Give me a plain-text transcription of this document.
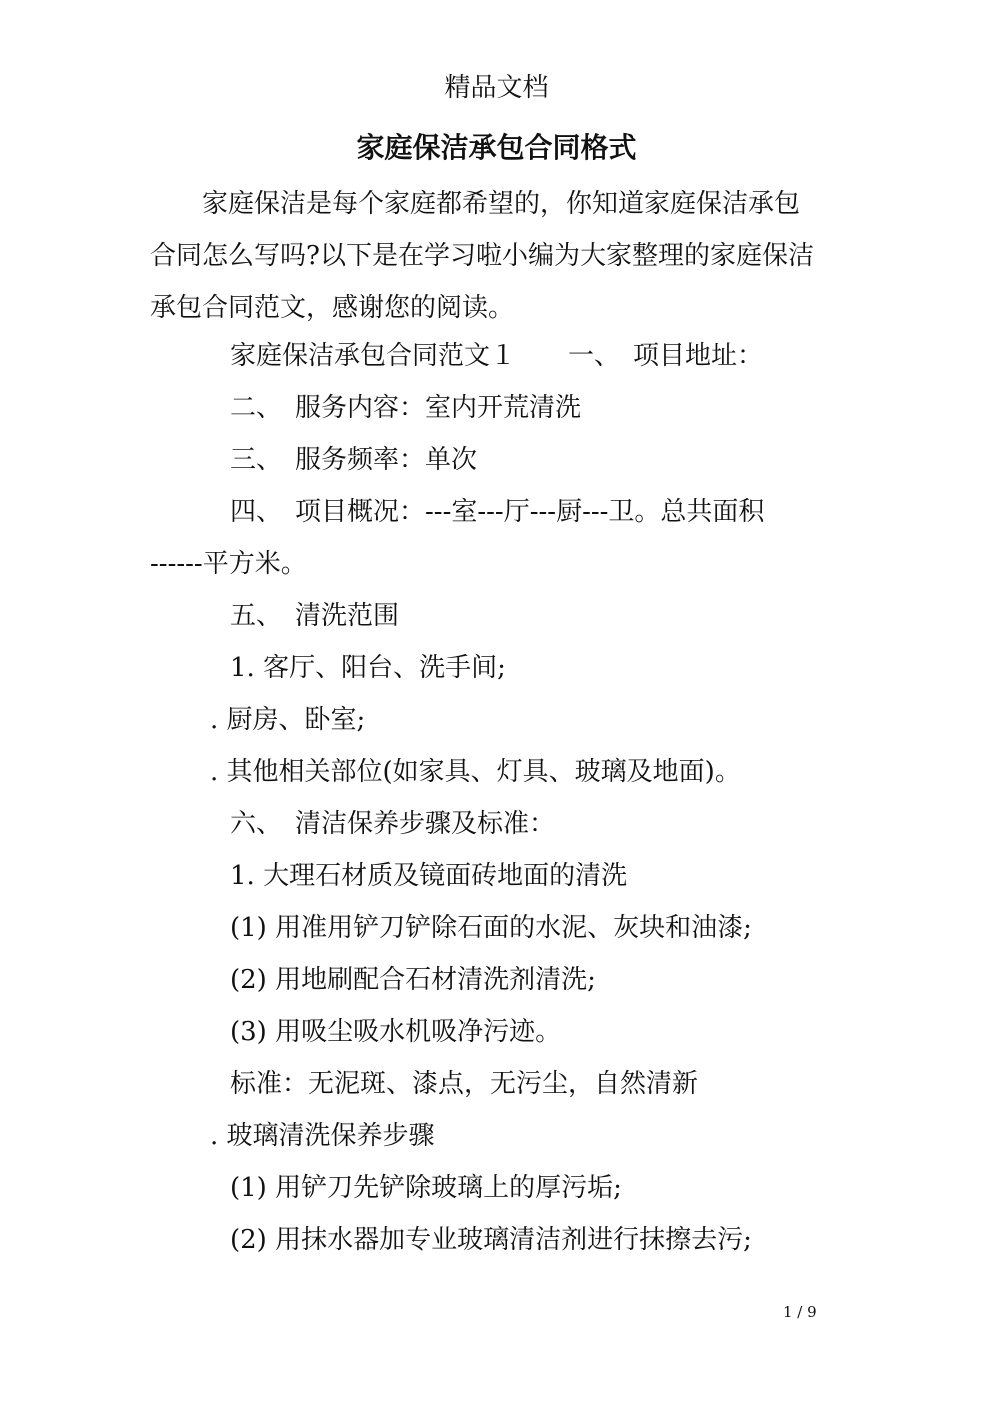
精品文档
家庭保洁承包合同格式
家庭保洁是每个家庭都希望的，你知道家庭保洁承包
合同怎么写吗?以下是在学习啦小编为大家整理的家庭保洁
承包合同范文，感谢您的阅读。
家庭保洁承包合同范文１　　一、　项目地址：
二、　服务内容：室内开荒清洗
三、　服务频率：单次
四、　项目概况：---室---厅---厨---卫。总共面积
------平方米。
五、　清洗范围
1. 客厅、阳台、洗手间;
. 厨房、卧室;
. 其他相关部位(如家具、灯具、玻璃及地面)。
六、　清洁保养步骤及标准：
1. 大理石材质及镜面砖地面的清洗
(1) 用准用铲刀铲除石面的水泥、灰块和油漆;
(2) 用地刷配合石材清洗剂清洗;
(3) 用吸尘吸水机吸净污迹。
标准：无泥斑、漆点，无污尘，自然清新
. 玻璃清洗保养步骤
(1) 用铲刀先铲除玻璃上的厚污垢;
(2) 用抹水器加专业玻璃清洁剂进行抹擦去污;
1 / 9
